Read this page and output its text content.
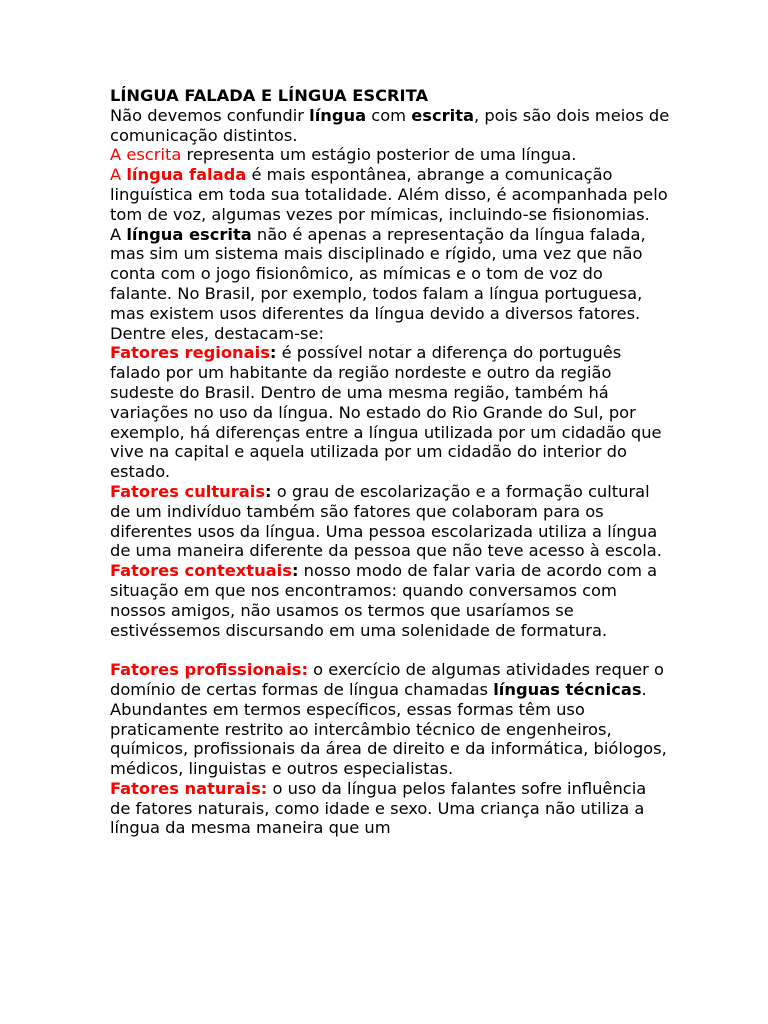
LÍNGUA FALADA E LÍNGUA ESCRITA

Não devemos confundir língua com escrita, pois são dois meios de comunicação distintos.

A escrita representa um estágio posterior de uma língua.

A língua falada é mais espontânea, abrange a comunicação linguística em toda sua totalidade. Além disso, é acompanhada pelo tom de voz, algumas vezes por mímicas, incluindo-se fisionomias.

A língua escrita não é apenas a representação da língua falada, mas sim um sistema mais disciplinado e rígido, uma vez que não conta com o jogo fisionômico, as mímicas e o tom de voz do falante. No Brasil, por exemplo, todos falam a língua portuguesa, mas existem usos diferentes da língua devido a diversos fatores. Dentre eles, destacam-se:

Fatores regionais: é possível notar a diferença do português falado por um habitante da região nordeste e outro da região sudeste do Brasil. Dentro de uma mesma região, também há variações no uso da língua. No estado do Rio Grande do Sul, por exemplo, há diferenças entre a língua utilizada por um cidadão que vive na capital e aquela utilizada por um cidadão do interior do estado.

Fatores culturais: o grau de escolarização e a formação cultural de um indivíduo também são fatores que colaboram para os diferentes usos da língua. Uma pessoa escolarizada utiliza a língua de uma maneira diferente da pessoa que não teve acesso à escola. Fatores contextuais: nosso modo de falar varia de acordo com a situação em que nos encontramos: quando conversamos com nossos amigos, não usamos os termos que usaríamos se estivéssemos discursando em uma solenidade de formatura.

Fatores profissionais: o exercício de algumas atividades requer o domínio de certas formas de língua chamadas línguas técnicas. Abundantes em termos específicos, essas formas têm uso praticamente restrito ao intercâmbio técnico de engenheiros, químicos, profissionais da área de direito e da informática, biólogos, médicos, linguistas e outros especialistas.

Fatores naturais: o uso da língua pelos falantes sofre influência de fatores naturais, como idade e sexo. Uma criança não utiliza a língua da mesma maneira que um
